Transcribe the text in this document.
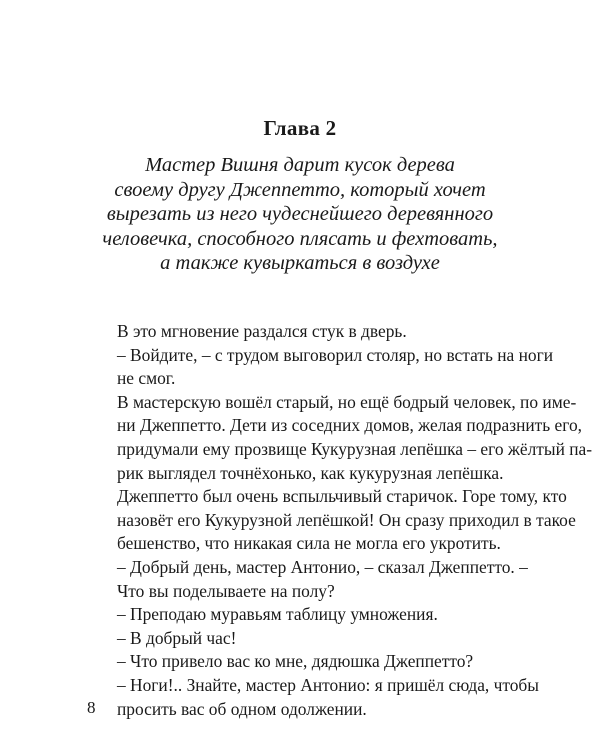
Глава 2
Мастер Вишня дарит кусок дерева
своему другу Джеппетто, который хочет
вырезать из него чудеснейшего деревянного
человечка, способного плясать и фехтовать,
а также кувыркаться в воздухе
В это мгновение раздался стук в дверь.
– Войдите, – с трудом выговорил столяр, но встать на ноги
не смог.
В мастерскую вошёл старый, но ещё бодрый человек, по име-
ни Джеппетто. Дети из соседних домов, желая подразнить его,
придумали ему прозвище Кукурузная лепёшка – его жёлтый па-
рик выглядел точнёхонько, как кукурузная лепёшка.
Джеппетто был очень вспыльчивый старичок. Горе тому, кто
назовёт его Кукурузной лепёшкой! Он сразу приходил в такое
бешенство, что никакая сила не могла его укротить.
– Добрый день, мастер Антонио, – сказал Джеппетто. –
Что вы поделываете на полу?
– Преподаю муравьям таблицу умножения.
– В добрый час!
– Что привело вас ко мне, дядюшка Джеппетто?
– Ноги!.. Знайте, мастер Антонио: я пришёл сюда, чтобы
просить вас об одном одолжении.
8
